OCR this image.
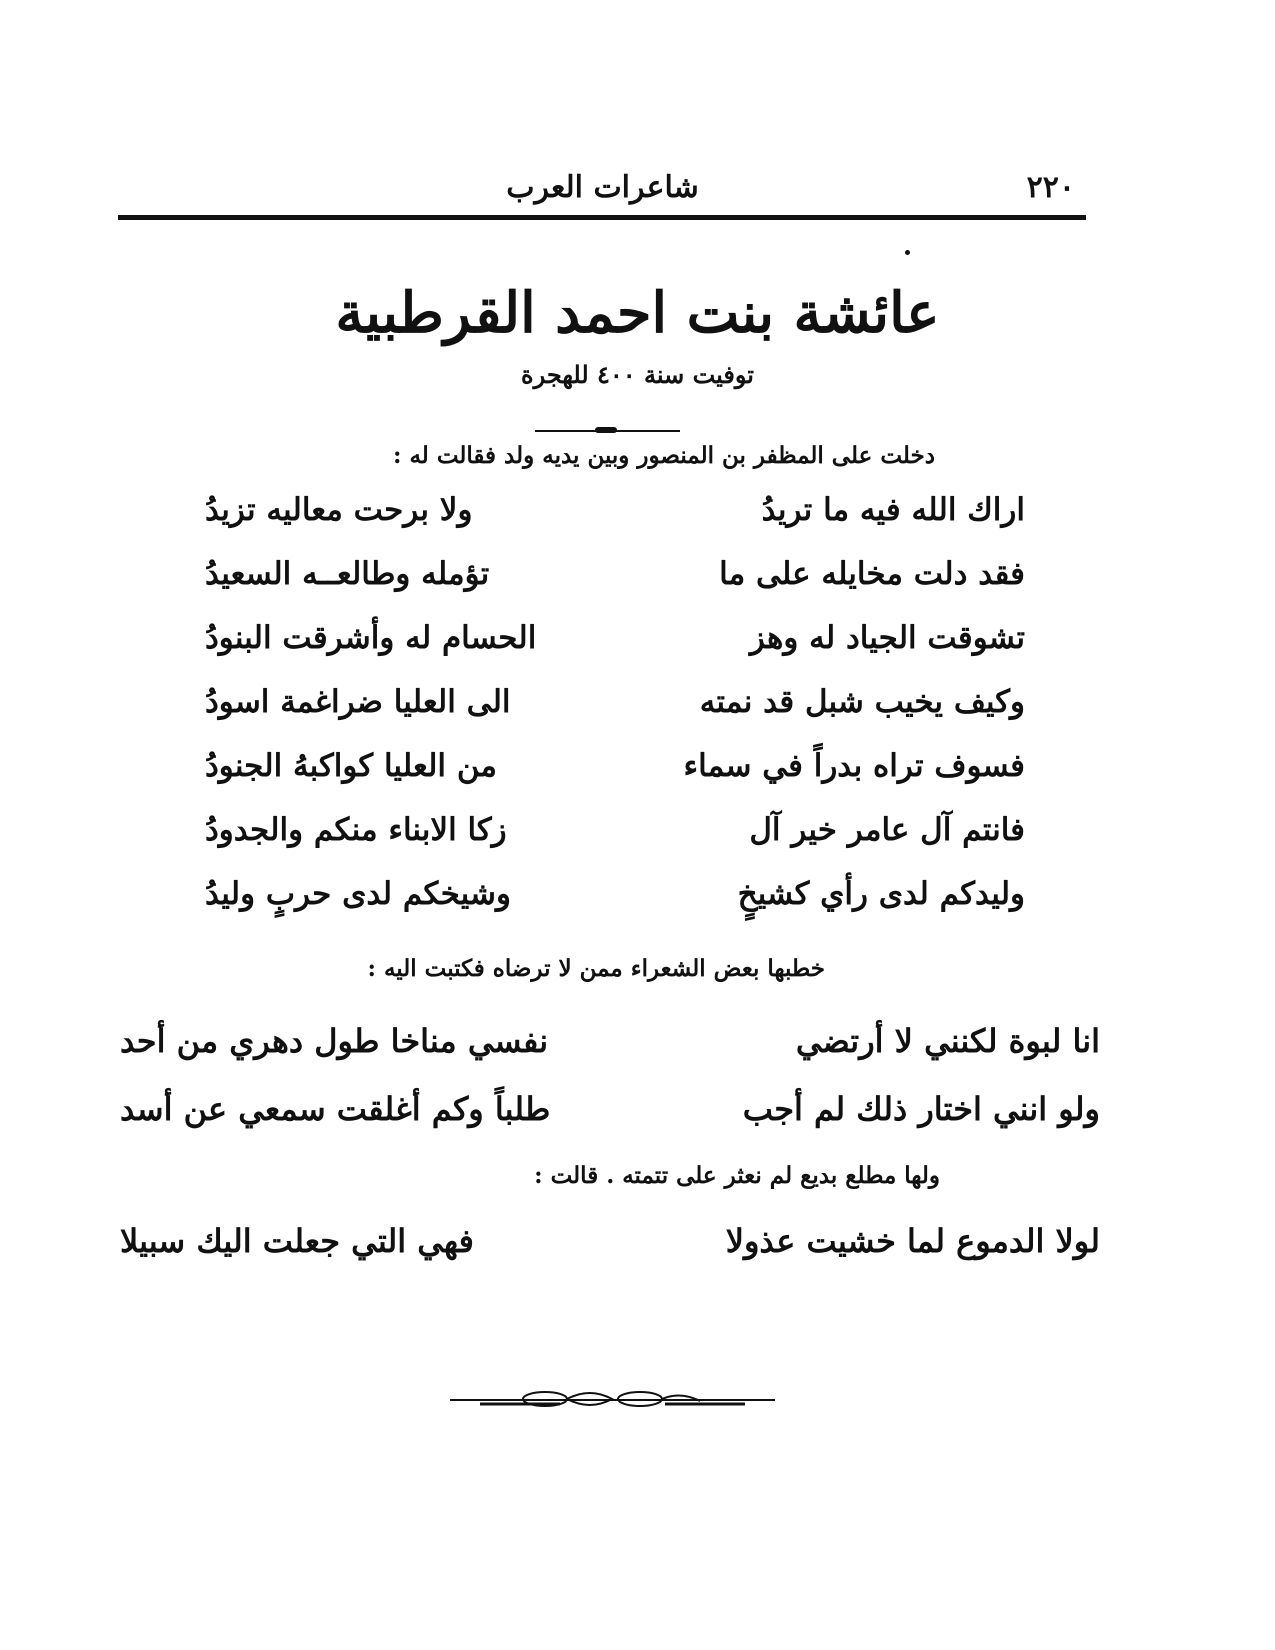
٢٢٠
شاعرات العرب
عائشة بنت احمد القرطبية
توفيت سنة ٤٠٠ للهجرة
دخلت على المظفر بن المنصور وبين يديه ولد فقالت له :
اراك الله فيه ما تريدُ
ولا برحت معاليه تزيدُ
فقد دلت مخايله على ما
تؤمله وطالعــه السعيدُ
تشوقت الجياد له وهز
الحسام له وأشرقت البنودُ
وكيف يخيب شبل قد نمته
الى العليا ضراغمة اسودُ
فسوف تراه بدراً في سماء
من العليا كواكبهُ الجنودُ
فانتم آل عامر خير آل
زكا الابناء منكم والجدودُ
وليدكم لدى رأي كشيخٍ
وشيخكم لدى حربٍ وليدُ
خطبها بعض الشعراء ممن لا ترضاه فكتبت اليه :
انا لبوة لكنني لا أرتضي
نفسي مناخا طول دهري من أحد
ولو انني اختار ذلك لم أجب
طلباً وكم أغلقت سمعي عن أسد
ولها مطلع بديع لم نعثر على تتمته . قالت :
لولا الدموع لما خشيت عذولا
فهي التي جعلت اليك سبيلا
